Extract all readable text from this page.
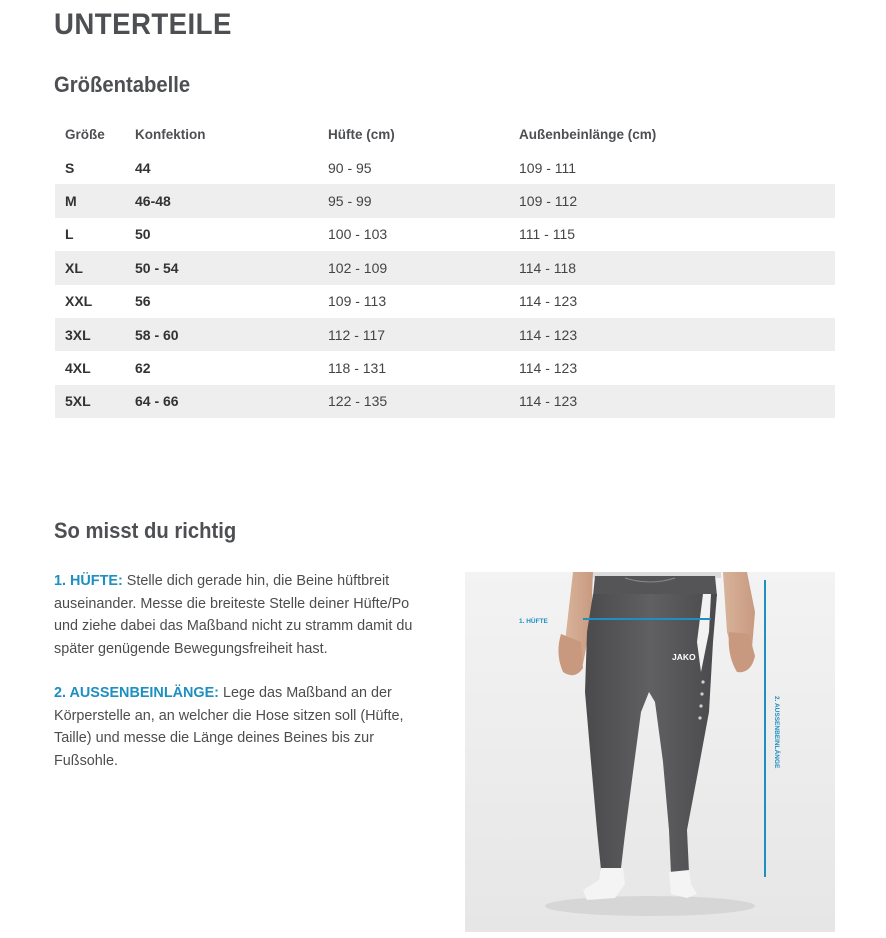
UNTERTEILE
Größentabelle
Größe	Konfektion	Hüfte (cm)	Außenbeinlänge (cm)
S	44	90 - 95	109 - 111
M	46-48	95 - 99	109 - 112
L	50	100 - 103	111 - 115
XL	50 - 54	102 - 109	114 - 118
XXL	56	109 - 113	114 - 123
3XL	58 - 60	112 - 117	114 - 123
4XL	62	118 - 131	114 - 123
5XL	64 - 66	122 - 135	114 - 123
So misst du richtig

1. HÜFTE: Stelle dich gerade hin, die Beine hüftbreit auseinander. Messe die breiteste Stelle deiner Hüfte/Po und ziehe dabei das Maßband nicht zu stramm damit du später genügende Bewegungsfreiheit hast.

2. AUSSENBEINLÄNGE: Lege das Maßband an der Körperstelle an, an welcher die Hose sitzen soll (Hüfte, Taille) und messe die Länge deines Beines bis zur Fußsohle.

JAKO
1. HÜFTE
2. AUSSENBEINLÄNGE
